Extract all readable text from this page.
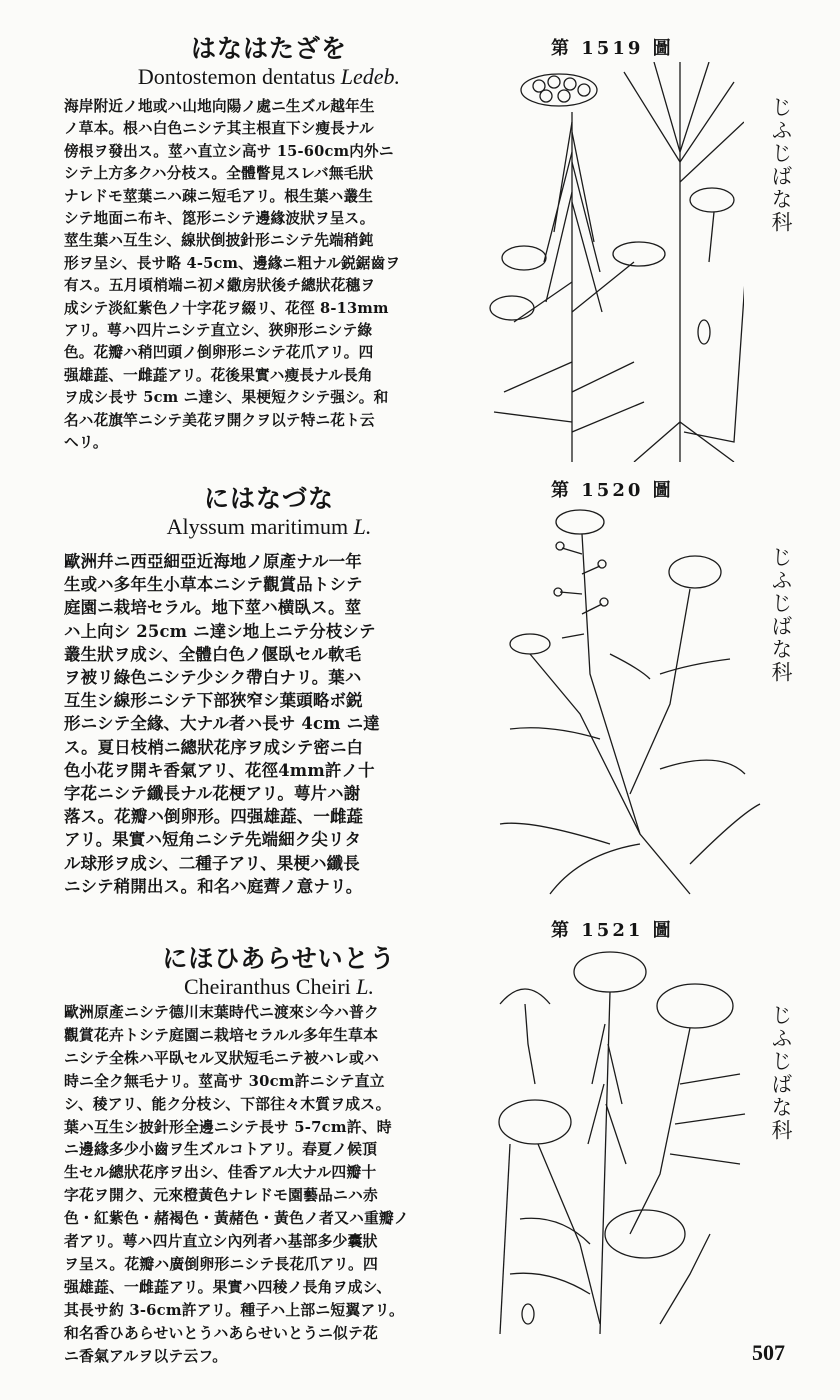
はなはたざを

Dontostemon dentatus Ledeb.

海岸附近ノ地或ハ山地向陽ノ處ニ生ズル越年生
ノ草本。根ハ白色ニシテ其主根直下シ瘦長ナル
傍根ヲ發出ス。莖ハ直立シ高サ 15-60cm内外ニ
シテ上方多クハ分枝ス。全體瞥見スレバ無毛狀
ナレドモ莖葉ニハ疎ニ短毛アリ。根生葉ハ叢生
シテ地面ニ布キ、箆形ニシテ邊緣波狀ヲ呈ス。
莖生葉ハ互生シ、線狀倒披針形ニシテ先端稍鈍
形ヲ呈シ、長サ略 4-5cm、邊緣ニ粗ナル鋭鋸齒ヲ
有ス。五月頃梢端ニ初メ繖房狀後チ總狀花穗ヲ
成シテ淡紅紫色ノ十字花ヲ綴リ、花徑 8-13mm
アリ。萼ハ四片ニシテ直立シ、狹卵形ニシテ綠
色。花瓣ハ稍凹頭ノ倒卵形ニシテ花爪アリ。四
强雄蕋、一雌蕋アリ。花後果實ハ瘦長ナル長角
ヲ成シ長サ 5cm ニ達シ、果梗短クシテ强シ。和
名ハ花旗竿ニシテ美花ヲ開クヲ以テ特ニ花ト云
ヘリ。
第 1519 圖
じふじばな科
にはなづな

Alyssum maritimum L.

歐洲幷ニ西亞細亞近海地ノ原產ナル一年
生或ハ多年生小草本ニシテ觀賞品トシテ
庭園ニ栽培セラル。地下莖ハ横臥ス。莖
ハ上向シ 25cm ニ達シ地上ニテ分枝シテ
叢生狀ヲ成シ、全體白色ノ偃臥セル軟毛
ヲ被リ綠色ニシテ少シク帶白ナリ。葉ハ
互生シ線形ニシテ下部狹窄シ葉頭略ボ鋭
形ニシテ全緣、大ナル者ハ長サ 4cm ニ達
ス。夏日枝梢ニ總狀花序ヲ成シテ密ニ白
色小花ヲ開キ香氣アリ、花徑4mm許ノ十
字花ニシテ纖長ナル花梗アリ。萼片ハ謝
落ス。花瓣ハ倒卵形。四强雄蕋、一雌蕋
アリ。果實ハ短角ニシテ先端細ク尖リタ
ル球形ヲ成シ、二種子アリ、果梗ハ纖長
ニシテ稍開出ス。和名ハ庭薺ノ意ナリ。
第 1520 圖
じふじばな科
にほひあらせいとう

Cheiranthus Cheiri L.

歐洲原產ニシテ德川末葉時代ニ渡來シ今ハ普ク
觀賞花卉トシテ庭園ニ栽培セラルル多年生草本
ニシテ全株ハ平臥セル叉狀短毛ニテ被ハレ或ハ
時ニ全ク無毛ナリ。莖高サ 30cm許ニシテ直立
シ、稜アリ、能ク分枝シ、下部往々木質ヲ成ス。
葉ハ互生シ披針形全邊ニシテ長サ 5-7cm許、時
ニ邊緣多少小齒ヲ生ズルコトアリ。春夏ノ候頂
生セル總狀花序ヲ出シ、佳香アル大ナル四瓣十
字花ヲ開ク、元來橙黃色ナレドモ園藝品ニハ赤
色・紅紫色・赭褐色・黃赭色・黃色ノ者又ハ重瓣ノ
者アリ。萼ハ四片直立シ內列者ハ基部多少囊狀
ヲ呈ス。花瓣ハ廣倒卵形ニシテ長花爪アリ。四
强雄蕋、一雌蕋アリ。果實ハ四稜ノ長角ヲ成シ、
其長サ約 3-6cm許アリ。種子ハ上部ニ短翼アリ。
和名香ひあらせいとうハあらせいとうニ似テ花
ニ香氣アルヲ以テ云フ。
第 1521 圖
じふじばな科
507
